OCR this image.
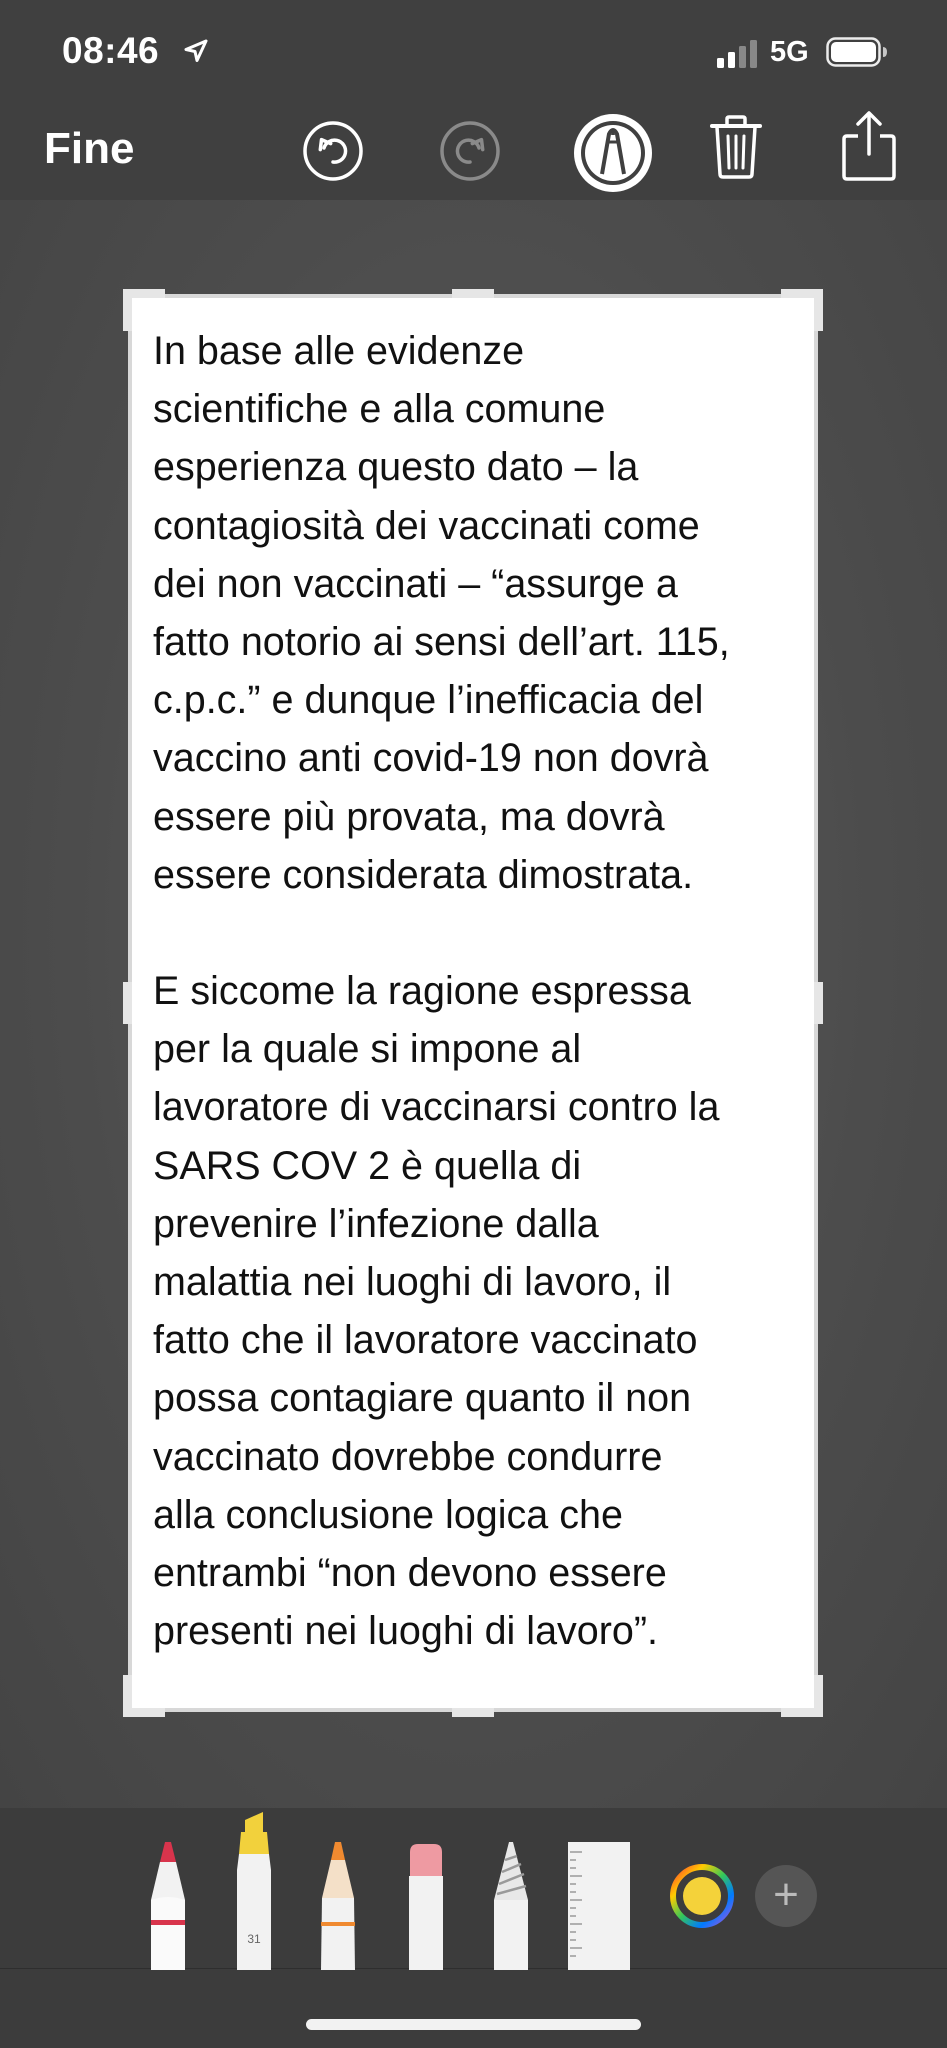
08:46	5G
Fine

In base alle evidenze

scientifiche e alla comune

esperienza questo dato – la

contagiosità dei vaccinati come

dei non vaccinati – “assurge a

fatto notorio ai sensi dell’art. 115,

c.p.c.” e dunque l’inefficacia del

vaccino anti covid-19 non dovrà

essere più provata, ma dovrà

essere considerata dimostrata.

E siccome la ragione espressa

per la quale si impone al

lavoratore di vaccinarsi contro la

SARS COV 2 è quella di

prevenire l’infezione dalla

malattia nei luoghi di lavoro, il

fatto che il lavoratore vaccinato

possa contagiare quanto il non

vaccinato dovrebbe condurre

alla conclusione logica che

entrambi “non devono essere

presenti nei luoghi di lavoro”.

31
+
